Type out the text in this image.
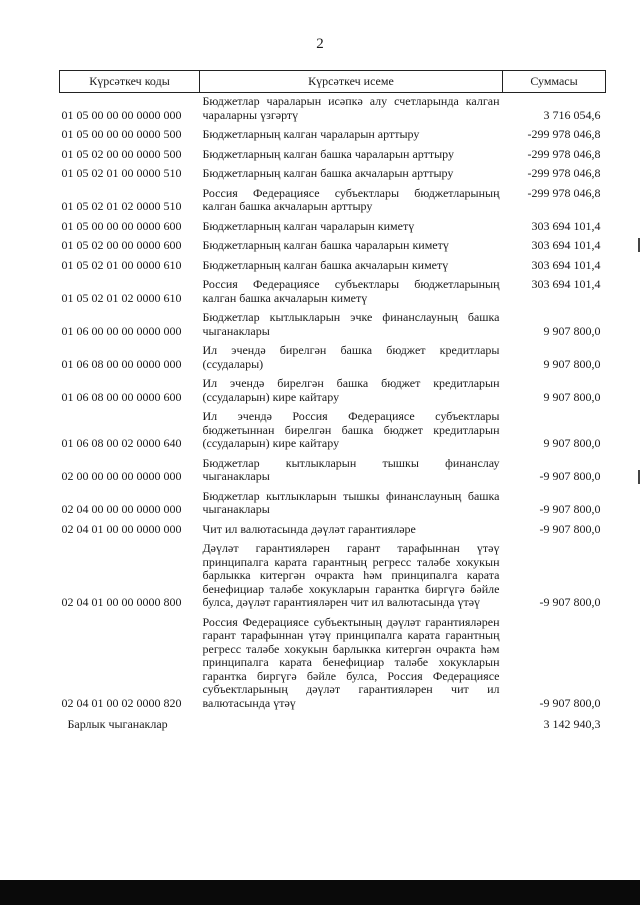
2
Күрсәткеч коды	Күрсәткеч исеме	Суммасы
01 05 00 00 00 0000 000	Бюджетлар чараларын исәпкә алу счетларында калган чараларны үзгәртү	3 716 054,6
01 05 00 00 00 0000 500	Бюджетларның калган чараларын арттыру	-299 978 046,8
01 05 02 00 00 0000 500	Бюджетларның калган башка чараларын арттыру	-299 978 046,8
01 05 02 01 00 0000 510	Бюджетларның калган башка акчаларын арттыру	-299 978 046,8
01 05 02 01 02 0000 510	Россия Федерациясе субъектлары бюджетларының калган башка акчаларын арттыру	-299 978 046,8
01 05 00 00 00 0000 600	Бюджетларның калган чараларын киметү	303 694 101,4
01 05 02 00 00 0000 600	Бюджетларның калган башка чараларын киметү	303 694 101,4
01 05 02 01 00 0000 610	Бюджетларның калган башка акчаларын киметү	303 694 101,4
01 05 02 01 02 0000 610	Россия Федерациясе субъектлары бюджетларының калган башка акчаларын киметү	303 694 101,4
01 06 00 00 00 0000 000	Бюджетлар кытлыкларын эчке финанслауның башка чыганаклары	9 907 800,0
01 06 08 00 00 0000 000	Ил эчендә бирелгән башка бюджет кредитлары (ссудалары)	9 907 800,0
01 06 08 00 00 0000 600	Ил эчендә бирелгән башка бюджет кредитларын (ссудаларын) кире кайтару	9 907 800,0
01 06 08 00 02 0000 640	Ил эчендә Россия Федерациясе субъектлары бюджетыннан бирелгән башка бюджет кредитларын (ссудаларын) кире кайтару	9 907 800,0
02 00 00 00 00 0000 000	Бюджетлар кытлыкларын тышкы финанслау чыганаклары	-9 907 800,0
02 04 00 00 00 0000 000	Бюджетлар кытлыкларын тышкы финанслауның башка чыганаклары	-9 907 800,0
02 04 01 00 00 0000 000	Чит ил валютасында дәүләт гарантияләре	-9 907 800,0
02 04 01 00 00 0000 800	Дәүләт гарантияләрен гарант тарафыннан үтәү принципалга карата гарантның регресс таләбе хокукын барлыкка китергән очракта һәм принципалга карата бенефициар таләбе хокукларын гарантка биргүгә бәйле булса, дәүләт гарантияләрен чит ил валютасында үтәү	-9 907 800,0
02 04 01 00 02 0000 820	Россия Федерациясе субъектының дәүләт гарантияләрен гарант тарафыннан үтәү принципалга карата гарантның регресс таләбе хокукын барлыкка китергән очракта һәм принципалга карата бенефициар таләбе хокукларын гарантка биргүгә бәйле булса, Россия Федерациясе субъектларының дәүләт гарантияләрен чит ил валютасында үтәү	-9 907 800,0
Барлык чыганаклар		3 142 940,3
